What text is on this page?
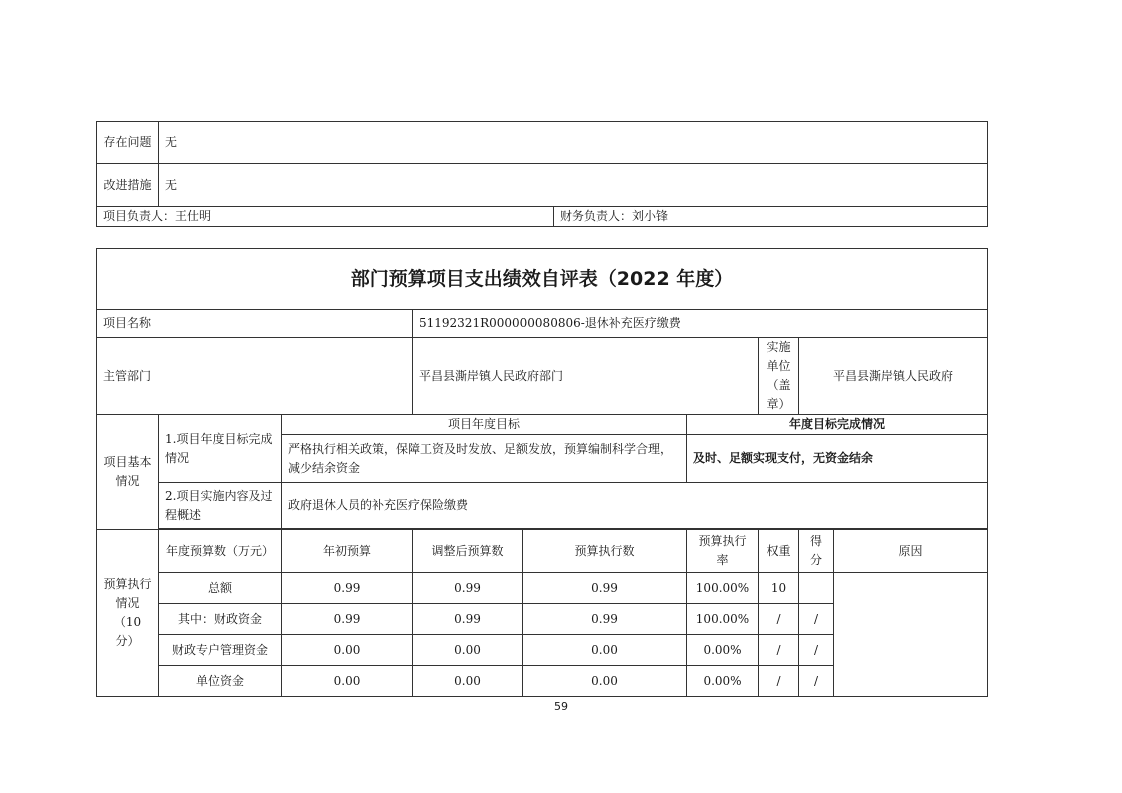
存在问题	无	
改进措施	无	
项目负责人：王仕明		财务负责人：刘小锋
部门预算项目支出绩效自评表（2022 年度）								
项目名称			51192321R000000080806-退休补充医疗缴费					
主管部门			平昌县澌岸镇人民政府部门			实施单位（盖章）	平昌县澌岸镇人民政府	
项目基本情况	1.项目年度目标完成情况	项目年度目标			年度目标完成情况			
		严格执行相关政策，保障工资及时发放、足额发放，预算编制科学合理，减少结余资金			及时、足额实现支付，无资金结余			
	2.项目实施内容及过程概述	政府退休人员的补充医疗保险缴费						

预算执行情况（10 分）	年度预算数（万元）	年初预算	调整后预算数	预算执行数	预算执行率	权重	得分	原因
	总额	0.99	0.99	0.99	100.00%	10		
	其中：财政资金	0.99	0.99	0.99	100.00%	/	/	
	财政专户管理资金	0.00	0.00	0.00	0.00%	/	/	
	单位资金	0.00	0.00	0.00	0.00%	/	/	
59
